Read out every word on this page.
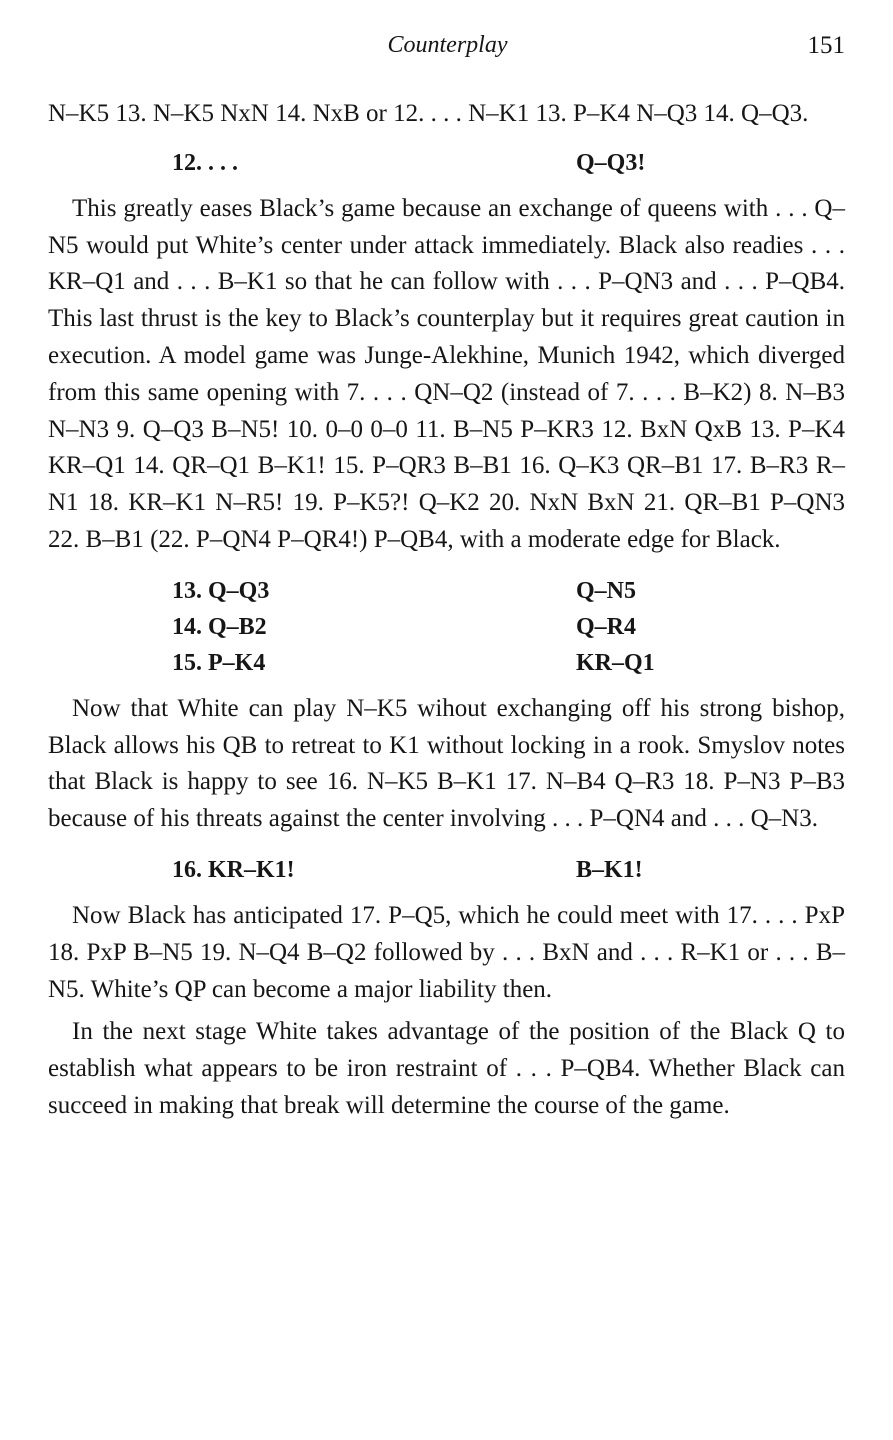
Counterplay	151

N–K5 13. N–K5 NxN 14. NxB or 12. . . . N–K1 13. P–K4 N–Q3 14. Q–Q3.

12. . . .	Q–Q3!

This greatly eases Black’s game because an exchange of queens with . . . Q–N5 would put White’s center under attack immediately. Black also readies . . . KR–Q1 and . . . B–K1 so that he can follow with . . . P–QN3 and . . . P–QB4. This last thrust is the key to Black’s counterplay but it requires great caution in execution. A model game was Junge-Alekhine, Munich 1942, which diverged from this same opening with 7. . . . QN–Q2 (instead of 7. . . . B–K2) 8. N–B3 N–N3 9. Q–Q3 B–N5! 10. 0–0 0–0 11. B–N5 P–KR3 12. BxN QxB 13. P–K4 KR–Q1 14. QR–Q1 B–K1! 15. P–QR3 B–B1 16. Q–K3 QR–B1 17. B–R3 R–N1 18. KR–K1 N–R5! 19. P–K5?! Q–K2 20. NxN BxN 21. QR–B1 P–QN3 22. B–B1 (22. P–QN4 P–QR4!) P–QB4, with a moderate edge for Black.

13. Q–Q3	Q–N5
14. Q–B2	Q–R4
15. P–K4	KR–Q1

Now that White can play N–K5 wihout exchanging off his strong bishop, Black allows his QB to retreat to K1 without locking in a rook. Smyslov notes that Black is happy to see 16. N–K5 B–K1 17. N–B4 Q–R3 18. P–N3 P–B3 because of his threats against the center involving . . . P–QN4 and . . . Q–N3.

16. KR–K1!	B–K1!

Now Black has anticipated 17. P–Q5, which he could meet with 17. . . . PxP 18. PxP B–N5 19. N–Q4 B–Q2 followed by . . . BxN and . . . R–K1 or . . . B–N5. White’s QP can become a major liability then.

In the next stage White takes advantage of the position of the Black Q to establish what appears to be iron restraint of . . . P–QB4. Whether Black can succeed in making that break will determine the course of the game.
